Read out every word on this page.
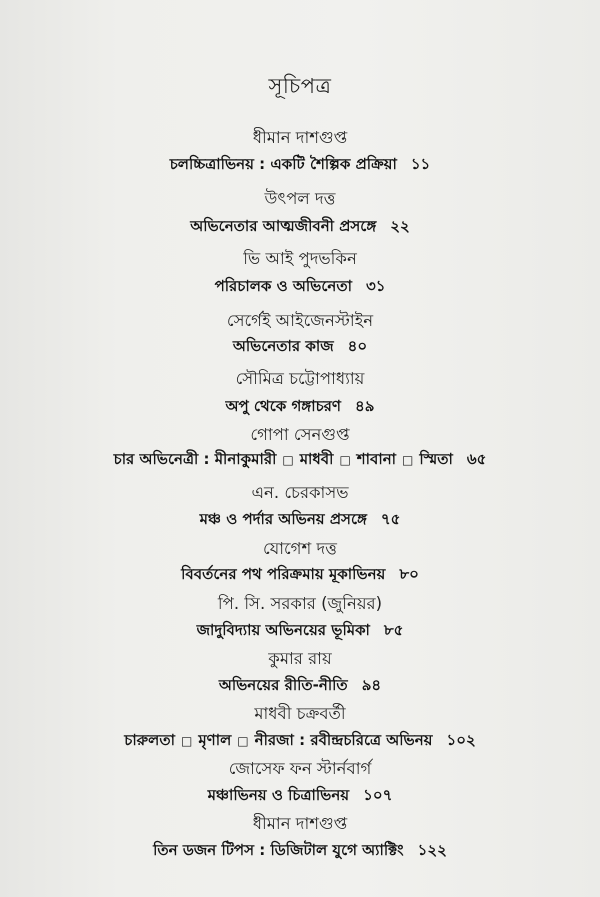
সূচিপত্র
ধীমান দাশগুপ্ত
চলচ্চিত্রাভিনয় : একটি শৈল্পিক প্রক্রিয়া ১১
উৎপল দত্ত
অভিনেতার আত্মজীবনী প্রসঙ্গে ২২
ভি আই পুদভকিন
পরিচালক ও অভিনেতা ৩১
সের্গেই আইজেনস্টাইন
অভিনেতার কাজ ৪০
সৌমিত্র চট্টোপাধ্যায়
অপু থেকে গঙ্গাচরণ ৪৯
গোপা সেনগুপ্ত
চার অভিনেত্রী : মীনাকুমারী □ মাধবী □ শাবানা □ স্মিতা ৬৫
এন. চেরকাসভ
মঞ্চ ও পর্দার অভিনয় প্রসঙ্গে ৭৫
যোগেশ দত্ত
বিবর্তনের পথ পরিক্রমায় মূকাভিনয় ৮০
পি. সি. সরকার (জুনিয়র)
জাদুবিদ্যায় অভিনয়ের ভূমিকা ৮৫
কুমার রায়
অভিনয়ের রীতি-নীতি ৯৪
মাধবী চক্রবর্তী
চারুলতা □ মৃণাল □ নীরজা : রবীন্দ্রচরিত্রে অভিনয় ১০২
জোসেফ ফন স্টার্নবার্গ
মঞ্চাভিনয় ও চিত্রাভিনয় ১০৭
ধীমান দাশগুপ্ত
তিন ডজন টিপস : ডিজিটাল যুগে অ্যাক্টিং ১২২
